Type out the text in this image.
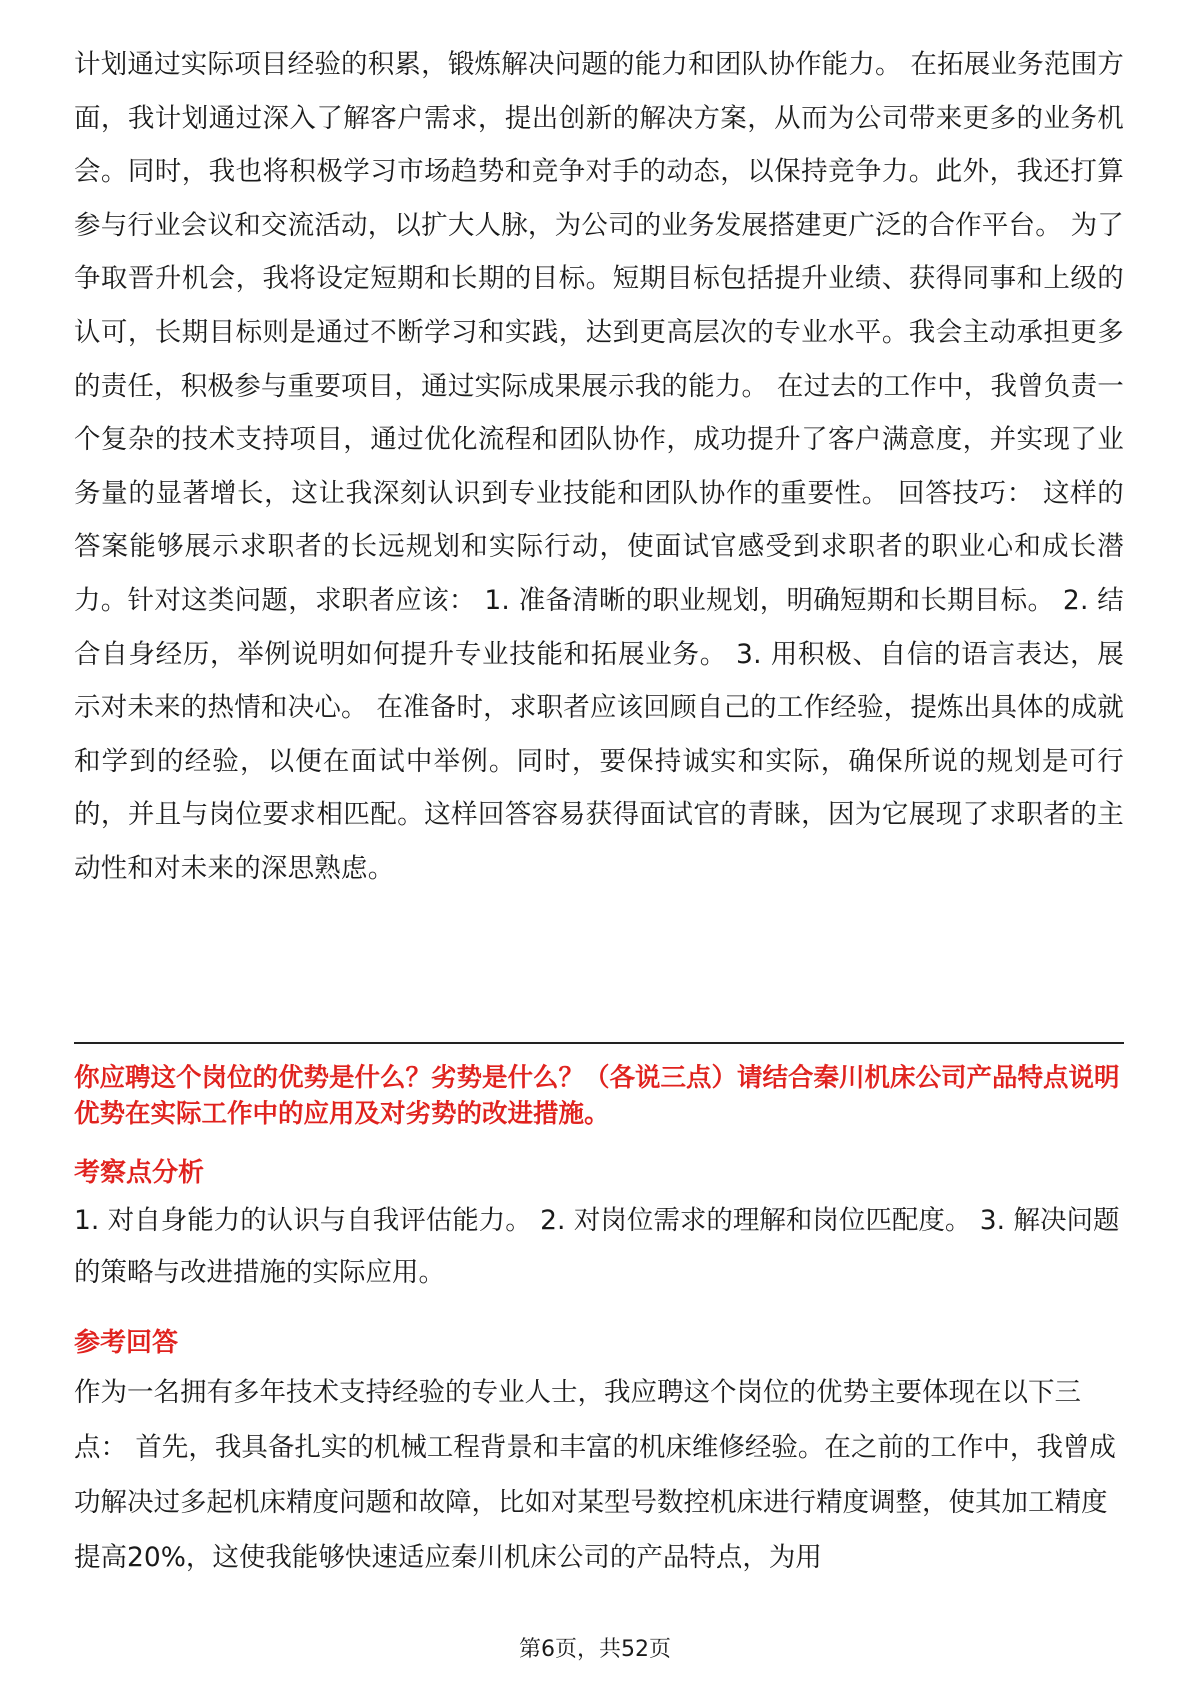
计划通过实际项目经验的积累，锻炼解决问题的能力和团队协作能力。 在拓展业务范围方面，我计划通过深入了解客户需求，提出创新的解决方案，从而为公司带来更多的业务机会。同时，我也将积极学习市场趋势和竞争对手的动态，以保持竞争力。此外，我还打算参与行业会议和交流活动，以扩大人脉，为公司的业务发展搭建更广泛的合作平台。 为了争取晋升机会，我将设定短期和长期的目标。短期目标包括提升业绩、获得同事和上级的认可，长期目标则是通过不断学习和实践，达到更高层次的专业水平。我会主动承担更多的责任，积极参与重要项目，通过实际成果展示我的能力。 在过去的工作中，我曾负责一个复杂的技术支持项目，通过优化流程和团队协作，成功提升了客户满意度，并实现了业务量的显著增长，这让我深刻认识到专业技能和团队协作的重要性。 回答技巧： 这样的答案能够展示求职者的长远规划和实际行动，使面试官感受到求职者的职业心和成长潜力。针对这类问题，求职者应该： 1. 准备清晰的职业规划，明确短期和长期目标。 2. 结合自身经历，举例说明如何提升专业技能和拓展业务。 3. 用积极、自信的语言表达，展示对未来的热情和决心。 在准备时，求职者应该回顾自己的工作经验，提炼出具体的成就和学到的经验，以便在面试中举例。同时，要保持诚实和实际，确保所说的规划是可行的，并且与岗位要求相匹配。这样回答容易获得面试官的青睐，因为它展现了求职者的主动性和对未来的深思熟虑。

你应聘这个岗位的优势是什么？劣势是什么？（各说三点）请结合秦川机床公司产品特点说明优势在实际工作中的应用及对劣势的改进措施。

考察点分析

1. 对自身能力的认识与自我评估能力。 2. 对岗位需求的理解和岗位匹配度。 3. 解决问题的策略与改进措施的实际应用。

参考回答

作为一名拥有多年技术支持经验的专业人士，我应聘这个岗位的优势主要体现在以下三点： 首先，我具备扎实的机械工程背景和丰富的机床维修经验。在之前的工作中，我曾成功解决过多起机床精度问题和故障，比如对某型号数控机床进行精度调整，使其加工精度提高20%，这使我能够快速适应秦川机床公司的产品特点，为用

第6页，共52页
